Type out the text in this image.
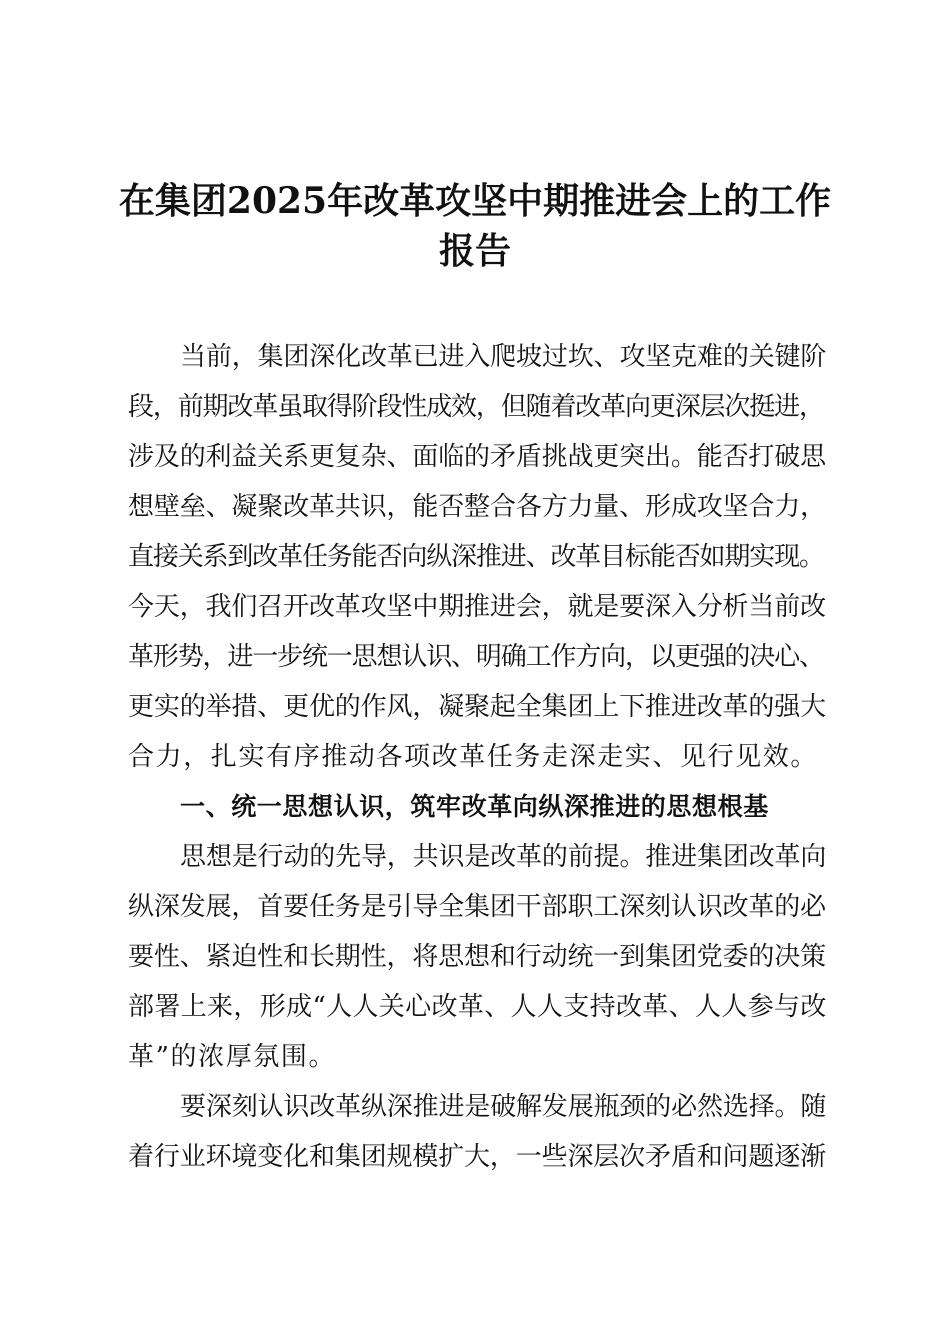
在集团2025年改革攻坚中期推进会上的工作
报告
当前，集团深化改革已进入爬坡过坎、攻坚克难的关键阶
段，前期改革虽取得阶段性成效，但随着改革向更深层次挺进，
涉及的利益关系更复杂、面临的矛盾挑战更突出。能否打破思
想壁垒、凝聚改革共识，能否整合各方力量、形成攻坚合力，
直接关系到改革任务能否向纵深推进、改革目标能否如期实现。
今天，我们召开改革攻坚中期推进会，就是要深入分析当前改
革形势，进一步统一思想认识、明确工作方向，以更强的决心、
更实的举措、更优的作风，凝聚起全集团上下推进改革的强大
合力，扎实有序推动各项改革任务走深走实、见行见效。
一、统一思想认识，筑牢改革向纵深推进的思想根基
思想是行动的先导，共识是改革的前提。推进集团改革向
纵深发展，首要任务是引导全集团干部职工深刻认识改革的必
要性、紧迫性和长期性，将思想和行动统一到集团党委的决策
部署上来，形成“人人关心改革、人人支持改革、人人参与改
革”的浓厚氛围。
要深刻认识改革纵深推进是破解发展瓶颈的必然选择。随
着行业环境变化和集团规模扩大，一些深层次矛盾和问题逐渐
